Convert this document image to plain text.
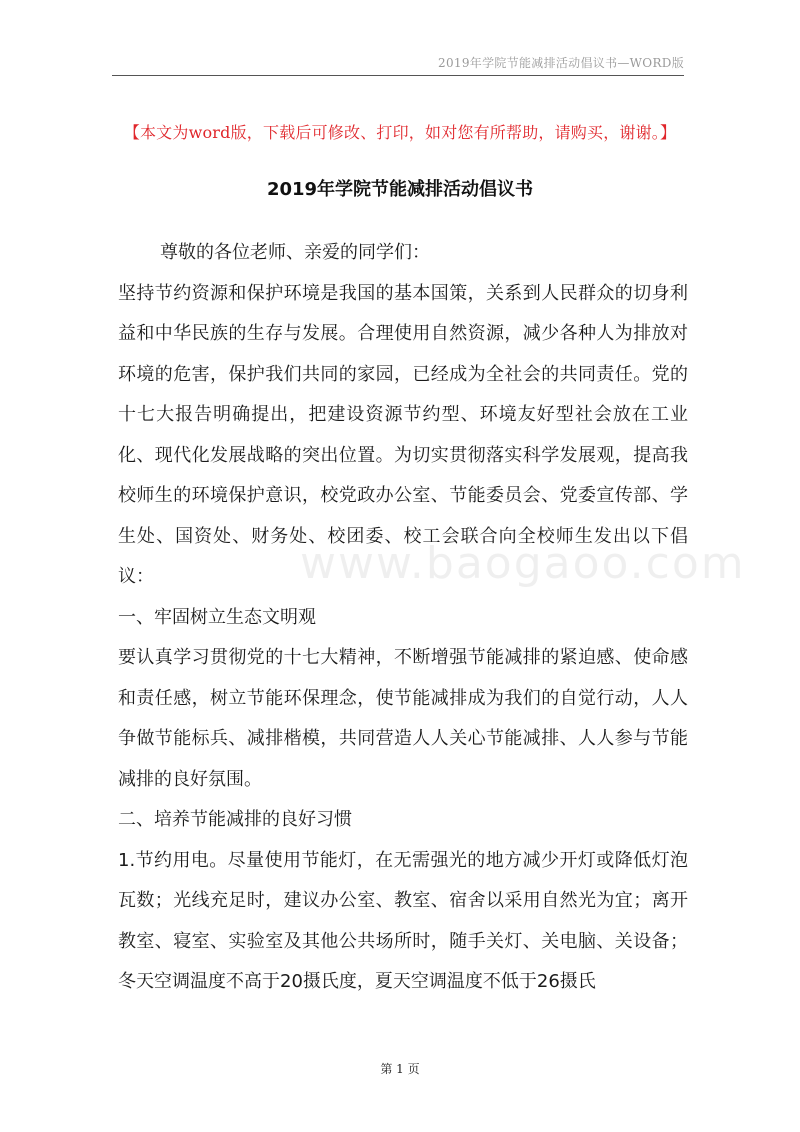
2019年学院节能减排活动倡议书—WORD版
【本文为word版，下载后可修改、打印，如对您有所帮助，请购买，谢谢。】
2019年学院节能减排活动倡议书
www.baogaoo.com

尊敬的各位老师、亲爱的同学们：

坚持节约资源和保护环境是我国的基本国策，关系到人民群众的切身利益和中华民族的生存与发展。合理使用自然资源，减少各种人为排放对环境的危害，保护我们共同的家园，已经成为全社会的共同责任。党的十七大报告明确提出，把建设资源节约型、环境友好型社会放在工业化、现代化发展战略的突出位置。为切实贯彻落实科学发展观，提高我校师生的环境保护意识，校党政办公室、节能委员会、党委宣传部、学生处、国资处、财务处、校团委、校工会联合向全校师生发出以下倡议：

一、牢固树立生态文明观

要认真学习贯彻党的十七大精神，不断增强节能减排的紧迫感、使命感和责任感，树立节能环保理念，使节能减排成为我们的自觉行动，人人争做节能标兵、减排楷模，共同营造人人关心节能减排、人人参与节能减排的良好氛围。

二、培养节能减排的良好习惯

1.节约用电。尽量使用节能灯，在无需强光的地方减少开灯或降低灯泡瓦数；光线充足时，建议办公室、教室、宿舍以采用自然光为宜；离开教室、寝室、实验室及其他公共场所时，随手关灯、关电脑、关设备；冬天空调温度不高于20摄氏度，夏天空调温度不低于26摄氏

第 1 页
